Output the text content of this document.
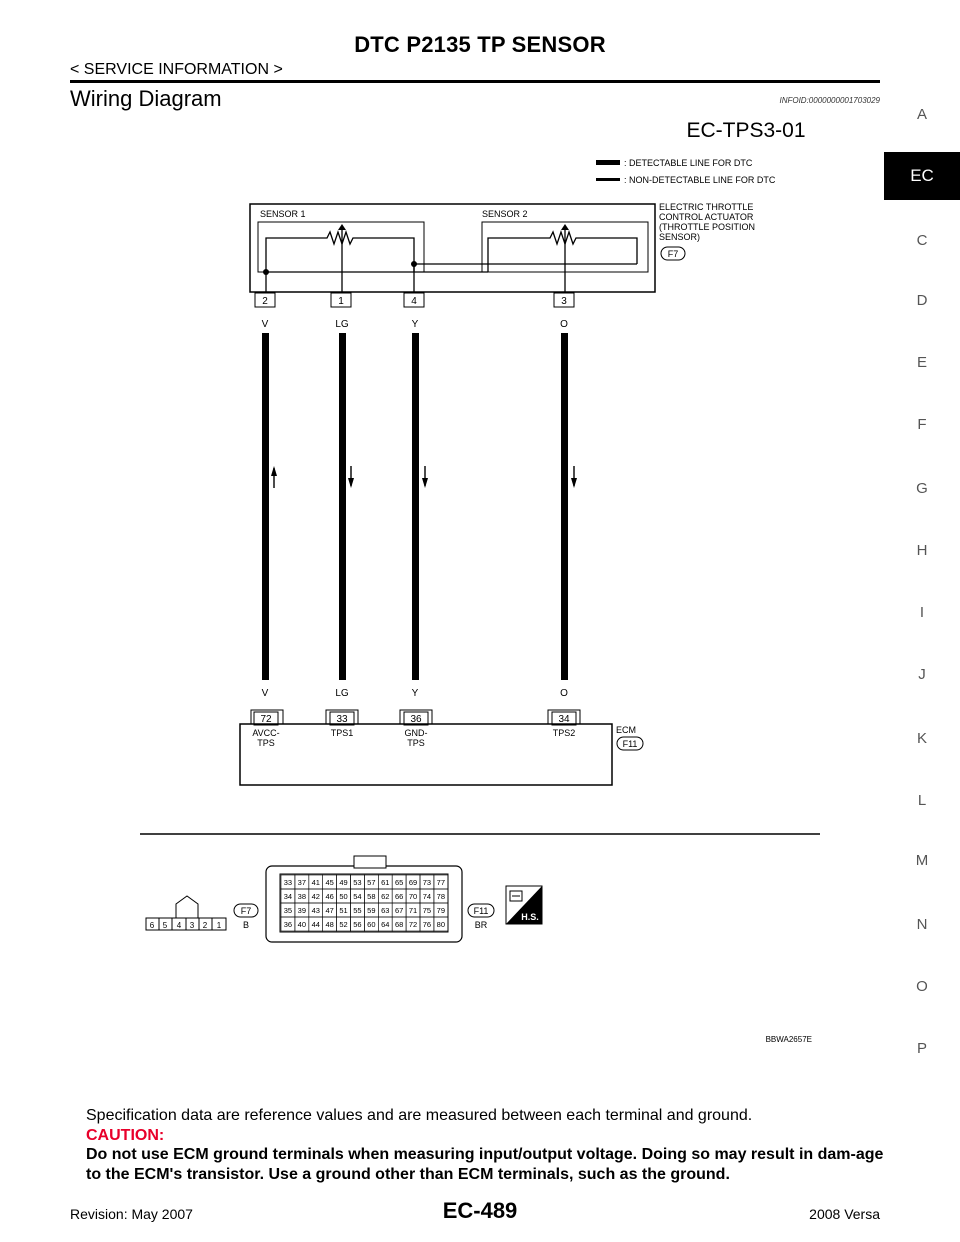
DTC P2135 TP SENSOR
< SERVICE INFORMATION >
Wiring Diagram	INFOID:0000000001703029
A
EC
C
D
E
F
G
H
I
J
K
L
M
N
O
P
EC-TPS3-01
: DETECTABLE LINE FOR DTC
: NON-DETECTABLE LINE FOR DTC
SENSOR 1	SENSOR 2
ELECTRIC THROTTLE
CONTROL ACTUATOR
(THROTTLE POSITION
SENSOR)
F7
2	1	4	3
V	LG	Y	O
V	LG	Y	O
72	33	36	34
AVCC-
TPS
TPS1	GND-
TPS
TPS2	ECM
F11
6 5 4 3 2 1
F7
B
33 37 41 45 49 53 57 61 65 69 73 77
34 38 42 46 50 54 58 62 66 70 74 78
35 39 43 47 51 55 59 63 67 71 75 79
36 40 44 48 52 56 60 64 68 72 76 80
F11
BR
H.S.
BBWA2657E
Specification data are reference values and are measured between each terminal and ground.
CAUTION:
Do not use ECM ground terminals when measuring input/output voltage. Doing so may result in dam-age to the ECM's transistor. Use a ground other than ECM terminals, such as the ground.
Revision: May 2007	EC-489	2008 Versa
